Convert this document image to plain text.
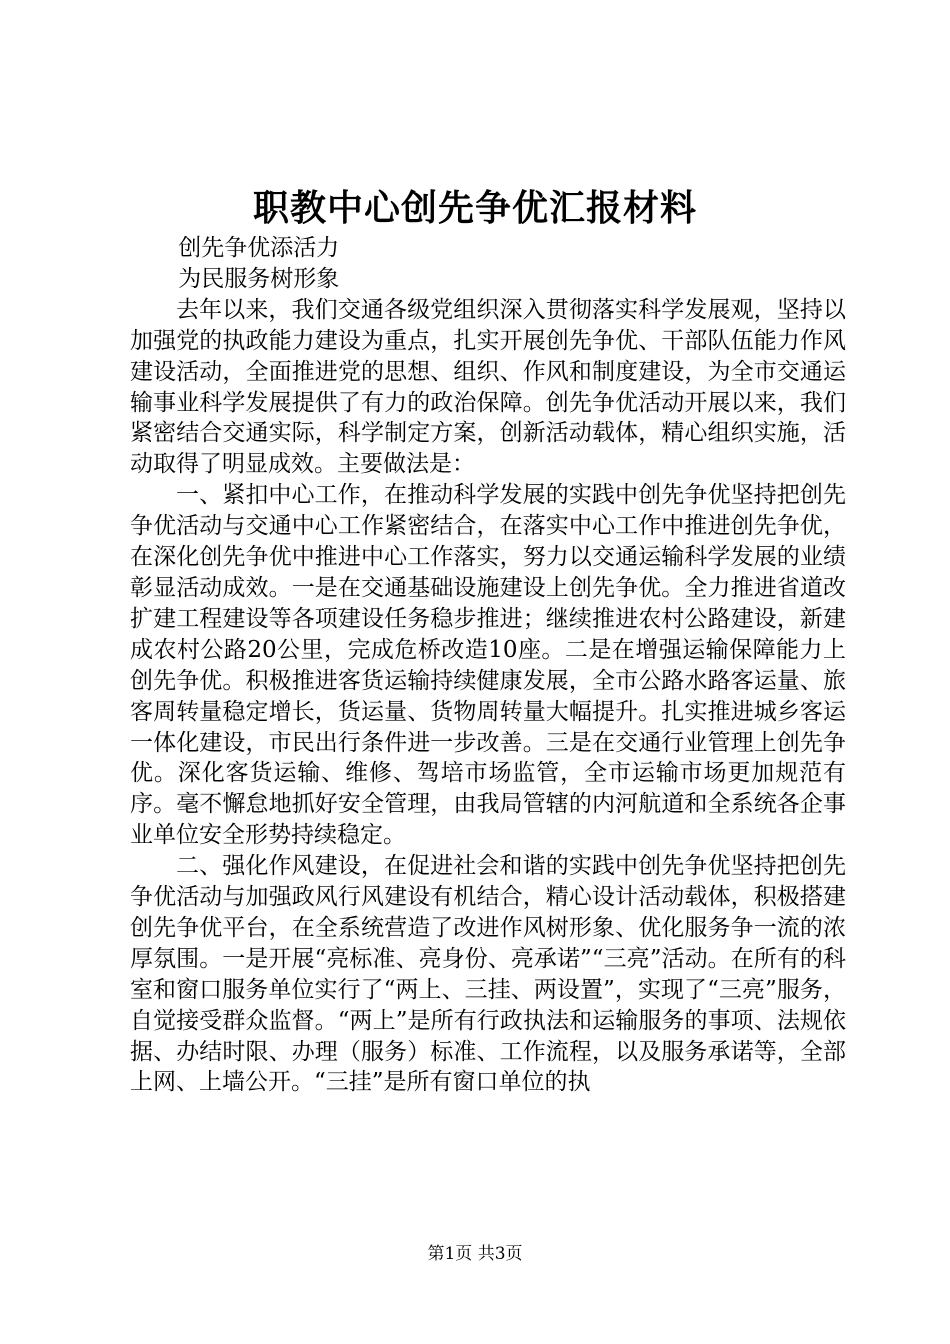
职教中心创先争优汇报材料

创先争优添活力

为民服务树形象

去年以来，我们交通各级党组织深入贯彻落实科学发展观，坚持以加强党的执政能力建设为重点，扎实开展创先争优、干部队伍能力作风建设活动，全面推进党的思想、组织、作风和制度建设，为全市交通运输事业科学发展提供了有力的政治保障。创先争优活动开展以来，我们紧密结合交通实际，科学制定方案，创新活动载体，精心组织实施，活动取得了明显成效。主要做法是：

一、紧扣中心工作，在推动科学发展的实践中创先争优坚持把创先争优活动与交通中心工作紧密结合，在落实中心工作中推进创先争优，在深化创先争优中推进中心工作落实，努力以交通运输科学发展的业绩彰显活动成效。一是在交通基础设施建设上创先争优。全力推进省道改扩建工程建设等各项建设任务稳步推进；继续推进农村公路建设，新建成农村公路20公里，完成危桥改造10座。二是在增强运输保障能力上创先争优。积极推进客货运输持续健康发展，全市公路水路客运量、旅客周转量稳定增长，货运量、货物周转量大幅提升。扎实推进城乡客运一体化建设，市民出行条件进一步改善。三是在交通行业管理上创先争优。深化客货运输、维修、驾培市场监管，全市运输市场更加规范有序。毫不懈怠地抓好安全管理，由我局管辖的内河航道和全系统各企事业单位安全形势持续稳定。

二、强化作风建设，在促进社会和谐的实践中创先争优坚持把创先争优活动与加强政风行风建设有机结合，精心设计活动载体，积极搭建创先争优平台，在全系统营造了改进作风树形象、优化服务争一流的浓厚氛围。一是开展“亮标准、亮身份、亮承诺”“三亮”活动。在所有的科室和窗口服务单位实行了“两上、三挂、两设置”，实现了“三亮”服务，自觉接受群众监督。“两上”是所有行政执法和运输服务的事项、法规依据、办结时限、办理（服务）标准、工作流程，以及服务承诺等，全部上网、上墙公开。“三挂”是所有窗口单位的执

第1页 共3页
